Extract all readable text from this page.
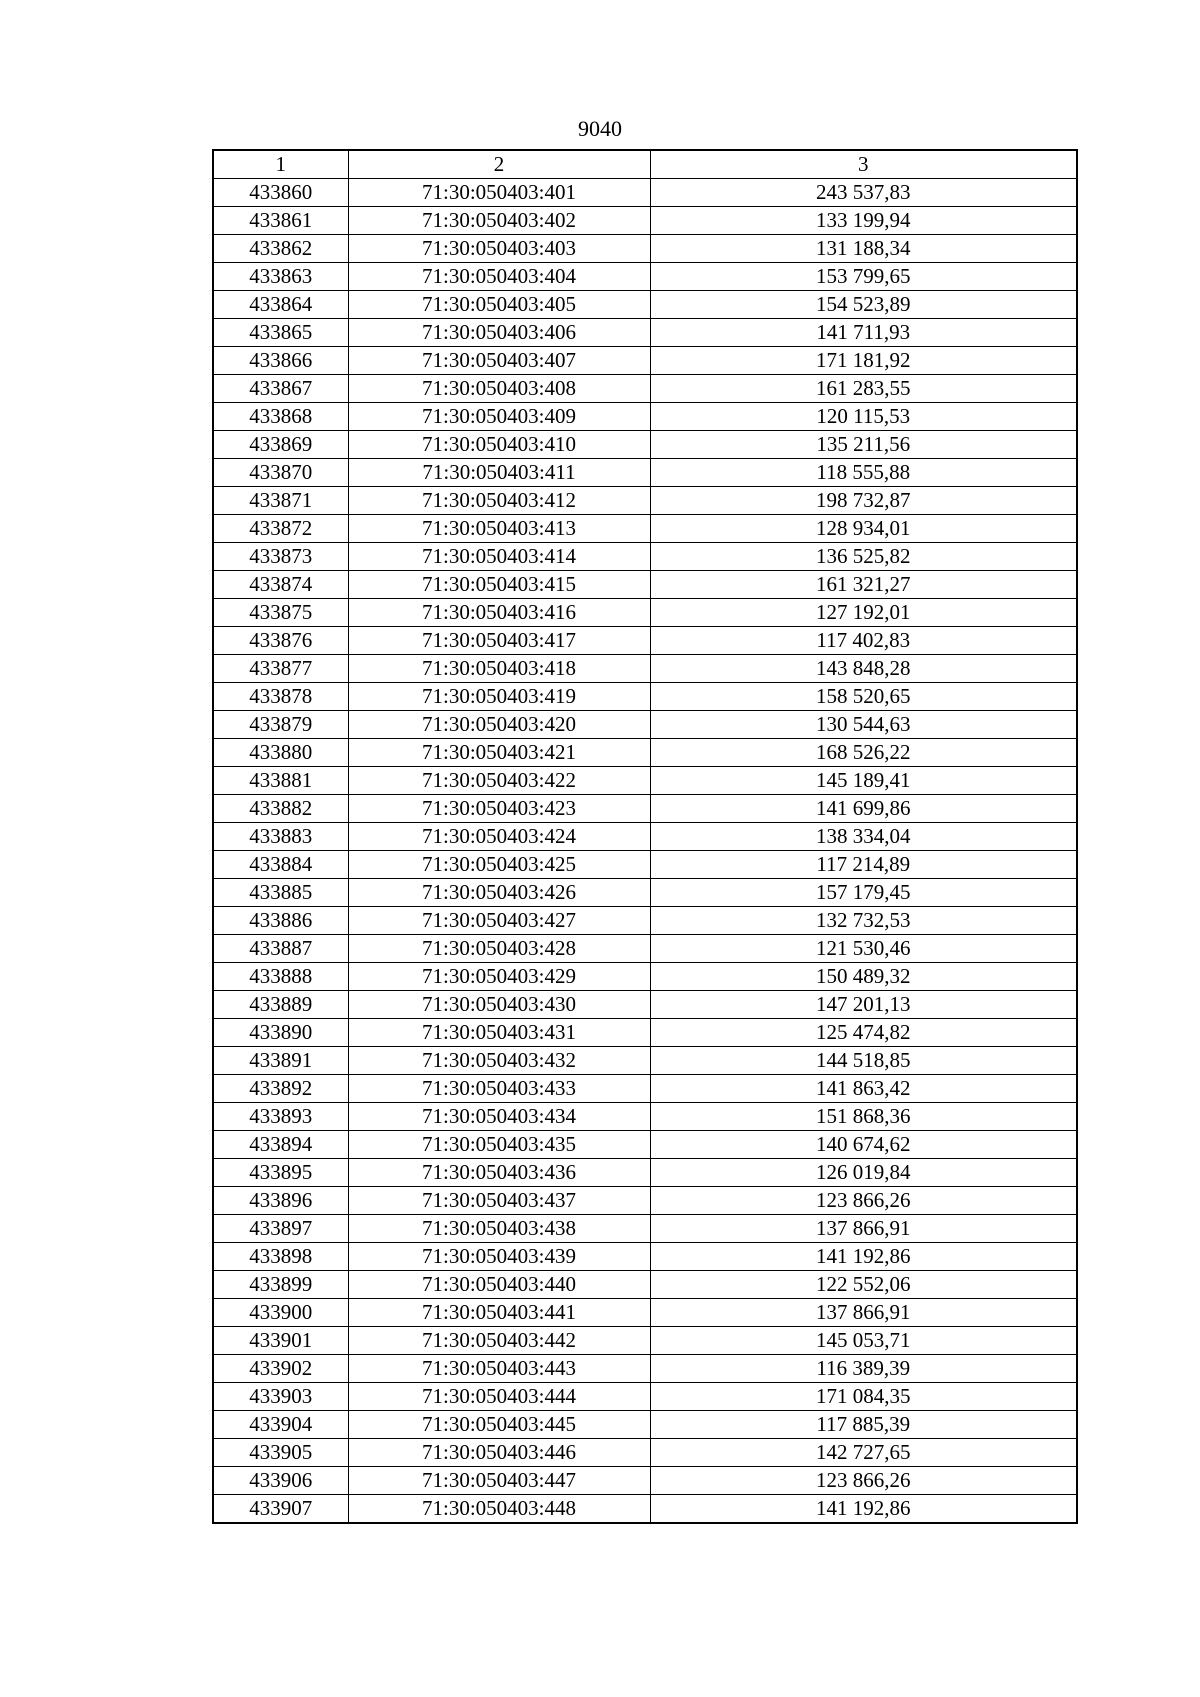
9040
1	2	3
433860	71:30:050403:401	243 537,83
433861	71:30:050403:402	133 199,94
433862	71:30:050403:403	131 188,34
433863	71:30:050403:404	153 799,65
433864	71:30:050403:405	154 523,89
433865	71:30:050403:406	141 711,93
433866	71:30:050403:407	171 181,92
433867	71:30:050403:408	161 283,55
433868	71:30:050403:409	120 115,53
433869	71:30:050403:410	135 211,56
433870	71:30:050403:411	118 555,88
433871	71:30:050403:412	198 732,87
433872	71:30:050403:413	128 934,01
433873	71:30:050403:414	136 525,82
433874	71:30:050403:415	161 321,27
433875	71:30:050403:416	127 192,01
433876	71:30:050403:417	117 402,83
433877	71:30:050403:418	143 848,28
433878	71:30:050403:419	158 520,65
433879	71:30:050403:420	130 544,63
433880	71:30:050403:421	168 526,22
433881	71:30:050403:422	145 189,41
433882	71:30:050403:423	141 699,86
433883	71:30:050403:424	138 334,04
433884	71:30:050403:425	117 214,89
433885	71:30:050403:426	157 179,45
433886	71:30:050403:427	132 732,53
433887	71:30:050403:428	121 530,46
433888	71:30:050403:429	150 489,32
433889	71:30:050403:430	147 201,13
433890	71:30:050403:431	125 474,82
433891	71:30:050403:432	144 518,85
433892	71:30:050403:433	141 863,42
433893	71:30:050403:434	151 868,36
433894	71:30:050403:435	140 674,62
433895	71:30:050403:436	126 019,84
433896	71:30:050403:437	123 866,26
433897	71:30:050403:438	137 866,91
433898	71:30:050403:439	141 192,86
433899	71:30:050403:440	122 552,06
433900	71:30:050403:441	137 866,91
433901	71:30:050403:442	145 053,71
433902	71:30:050403:443	116 389,39
433903	71:30:050403:444	171 084,35
433904	71:30:050403:445	117 885,39
433905	71:30:050403:446	142 727,65
433906	71:30:050403:447	123 866,26
433907	71:30:050403:448	141 192,86
